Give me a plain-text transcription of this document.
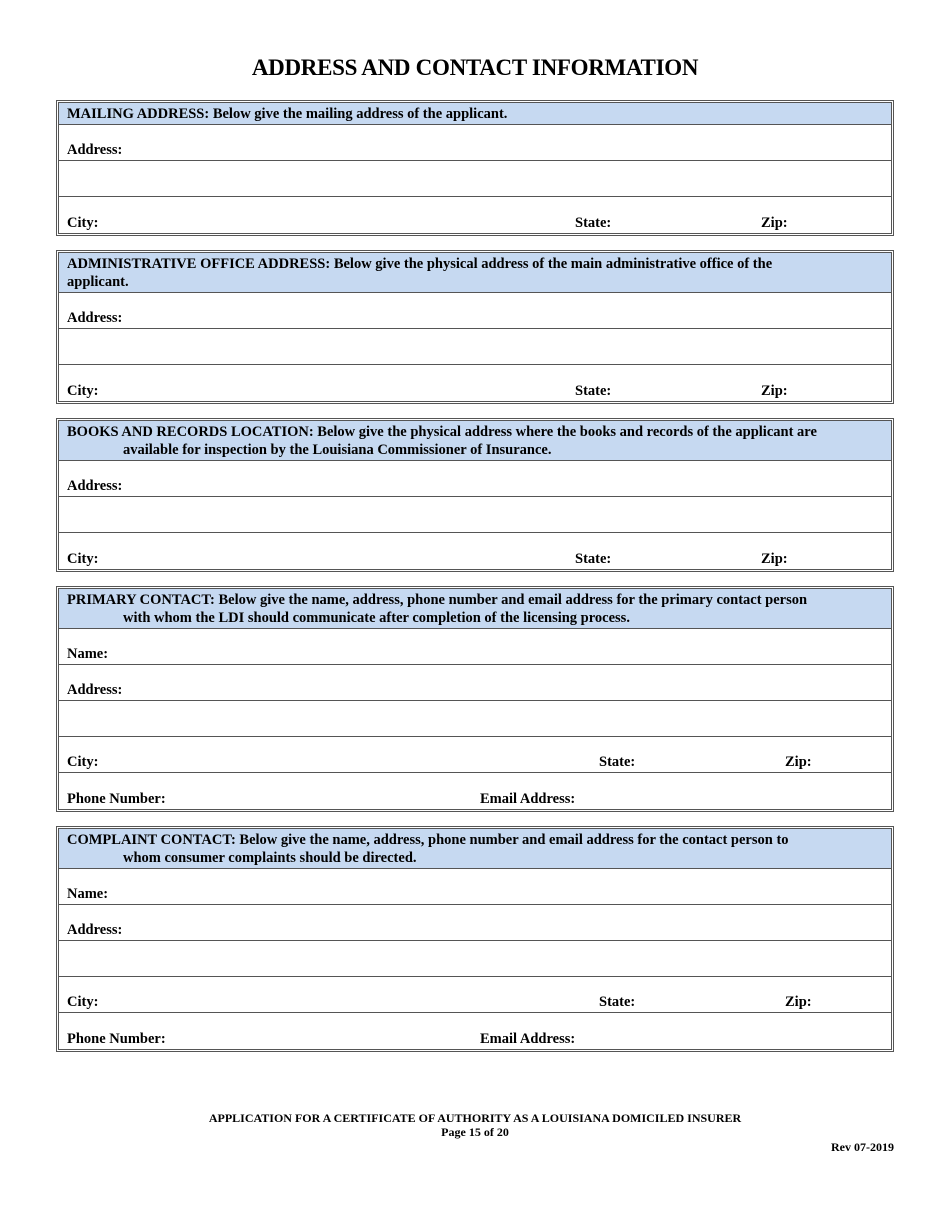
ADDRESS AND CONTACT INFORMATION
MAILING ADDRESS: Below give the mailing address of the applicant.
Address:
City:	State:	Zip:
ADMINISTRATIVE OFFICE ADDRESS: Below give the physical address of the main administrative office of the
applicant.
Address:
City:	State:	Zip:
BOOKS AND RECORDS LOCATION: Below give the physical address where the books and records of the applicant are
available for inspection by the Louisiana Commissioner of Insurance.
Address:
City:	State:	Zip:
PRIMARY CONTACT: Below give the name, address, phone number and email address for the primary contact person
with whom the LDI should communicate after completion of the licensing process.
Name:
Address:
City:	State:	Zip:
Phone Number:	Email Address:
COMPLAINT CONTACT: Below give the name, address, phone number and email address for the contact person to
whom consumer complaints should be directed.
Name:
Address:
City:	State:	Zip:
Phone Number:	Email Address:
APPLICATION FOR A CERTIFICATE OF AUTHORITY AS A LOUISIANA DOMICILED INSURER
Page 15 of 20
Rev 07-2019
